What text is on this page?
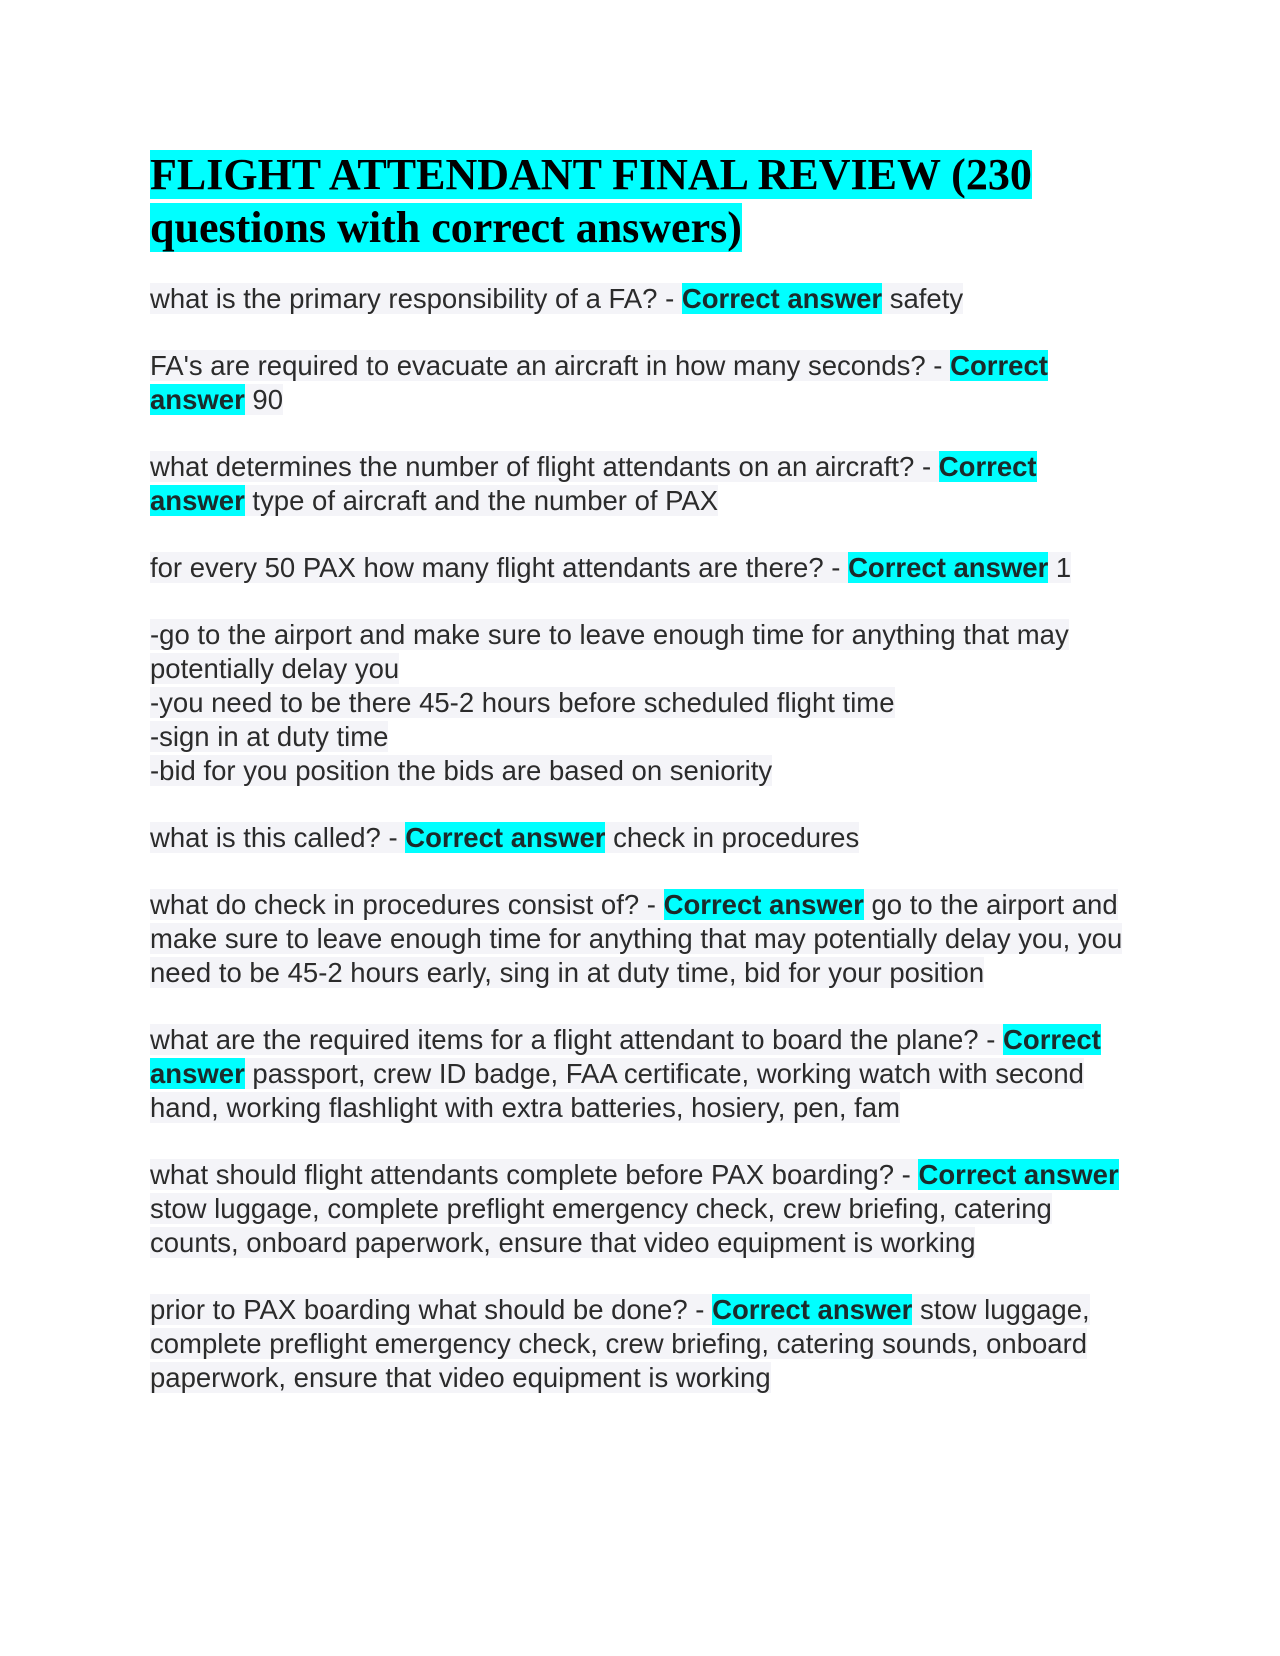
FLIGHT ATTENDANT FINAL REVIEW (230 questions with correct answers)

what is the primary responsibility of a FA? - Correct answer safety

FA's are required to evacuate an aircraft in how many seconds? - Correct answer 90

what determines the number of flight attendants on an aircraft? - Correct answer type of aircraft and the number of PAX

for every 50 PAX how many flight attendants are there? - Correct answer 1

-go to the airport and make sure to leave enough time for anything that may potentially delay you
-you need to be there 45-2 hours before scheduled flight time
-sign in at duty time
-bid for you position the bids are based on seniority

what is this called? - Correct answer check in procedures

what do check in procedures consist of? - Correct answer go to the airport and make sure to leave enough time for anything that may potentially delay you, you need to be 45-2 hours early, sing in at duty time, bid for your position

what are the required items for a flight attendant to board the plane? - Correct answer passport, crew ID badge, FAA certificate, working watch with second hand, working flashlight with extra batteries, hosiery, pen, fam

what should flight attendants complete before PAX boarding? - Correct answer stow luggage, complete preflight emergency check, crew briefing, catering counts, onboard paperwork, ensure that video equipment is working

prior to PAX boarding what should be done? - Correct answer stow luggage, complete preflight emergency check, crew briefing, catering sounds, onboard paperwork, ensure that video equipment is working
